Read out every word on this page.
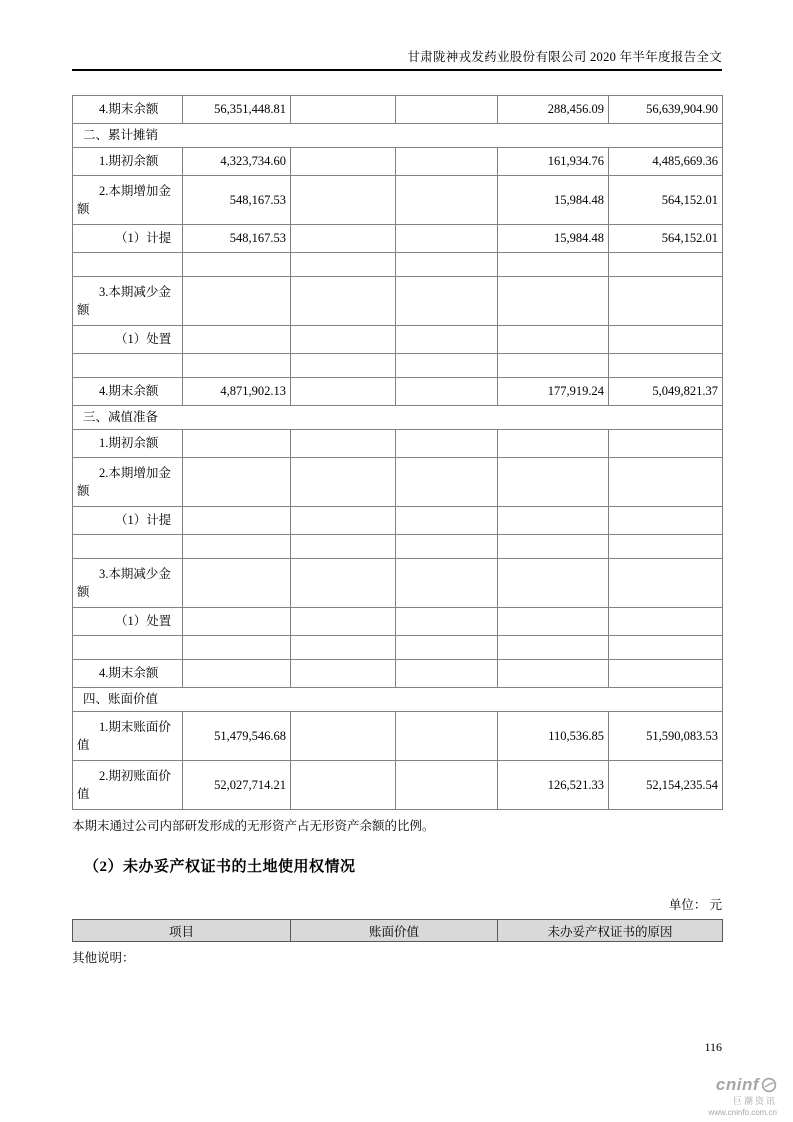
甘肃陇神戎发药业股份有限公司 2020 年半年度报告全文
4.期末余额	56,351,448.81			288,456.09	56,639,904.90
二、累计摊销					
1.期初余额	4,323,734.60			161,934.76	4,485,669.36
2.本期增加金额	548,167.53			15,984.48	564,152.01
（1）计提	548,167.53			15,984.48	564,152.01

3.本期减少金额					
（1）处置					

4.期末余额	4,871,902.13			177,919.24	5,049,821.37
三、减值准备					
1.期初余额					
2.本期增加金额					
（1）计提					

3.本期减少金额					
（1）处置					

4.期末余额					
四、账面价值					
1.期末账面价值	51,479,546.68			110,536.85	51,590,083.53
2.期初账面价值	52,027,714.21			126,521.33	52,154,235.54
本期末通过公司内部研发形成的无形资产占无形资产余额的比例。
（2）未办妥产权证书的土地使用权情况
单位： 元
项目	账面价值	未办妥产权证书的原因
其他说明：
116
cninf
巨潮资讯
www.cninfo.com.cn
